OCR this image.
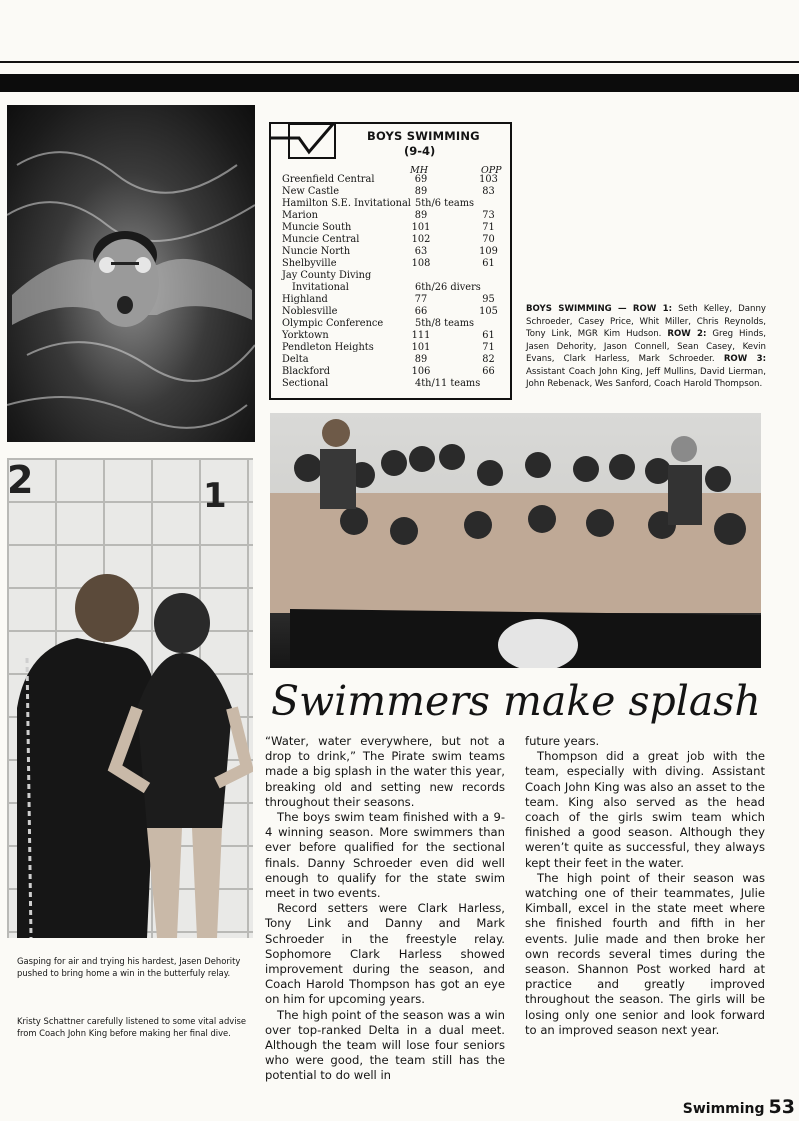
BOYS SWIMMING
(9-4)
MH	OPP
Greenfield Central	69	103
New Castle	89	83
Hamilton S.E. Invitational 5th/6 teams
Marion	89	73
Muncie South	101	71
Muncie Central	102	70
Nuncie North	63	109
Shelbyville	108	61
Jay County Diving
Invitational	6th/26 divers
Highland	77	95
Noblesville	66	105
Olympic Conference	5th/8 teams
Yorktown	111	61
Pendleton Heights	101	71
Delta	89	82
Blackford	106	66
Sectional	4th/11 teams
BOYS SWIMMING — ROW 1: Seth Kelley, Danny Schroeder, Casey Price, Whit Miller, Chris Reynolds, Tony Link, MGR Kim Hudson. ROW 2: Greg Hinds, Jasen Dehority, Jason Connell, Sean Casey, Kevin Evans, Clark Harless, Mark Schroeder. ROW 3: Assistant Coach John King, Jeff Mullins, David Lierman, John Rebenack, Wes Sanford, Coach Harold Thompson.
2	1
SWIM
Swimmers make splash

“Water, water everywhere, but not a drop to drink,” The Pirate swim teams made a big splash in the water this year, breaking old and setting new records throughout their seasons.

The boys swim team finished with a 9-4 winning season. More swimmers than ever before qualified for the sectional finals. Danny Schroeder even did well enough to qualify for the state swim meet in two events.

Record setters were Clark Harless, Tony Link and Danny and Mark Schroeder in the freestyle relay. Sophomore Clark Harless showed improvement during the season, and Coach Harold Thompson has got an eye on him for upcoming years.

The high point of the season was a win over top-ranked Delta in a dual meet. Although the team will lose four seniors who were good, the team still has the potential to do well in

future years.

Thompson did a great job with the team, especially with diving. Assistant Coach John King was also an asset to the team. King also served as the head coach of the girls swim team which finished a good season. Although they weren’t quite as successful, they always kept their feet in the water.

The high point of their season was watching one of their teammates, Julie Kimball, excel in the state meet where she finished fourth and fifth in her events. Julie made and then broke her own records several times during the season. Shannon Post worked hard at practice and greatly improved throughout the season. The girls will be losing only one senior and look forward to an improved season next year.

Gasping for air and trying his hardest, Jasen Dehority pushed to bring home a win in the butterfuly relay.
Kristy Schattner carefully listened to some vital advise from Coach John King before making her final dive.
Swimming 53
